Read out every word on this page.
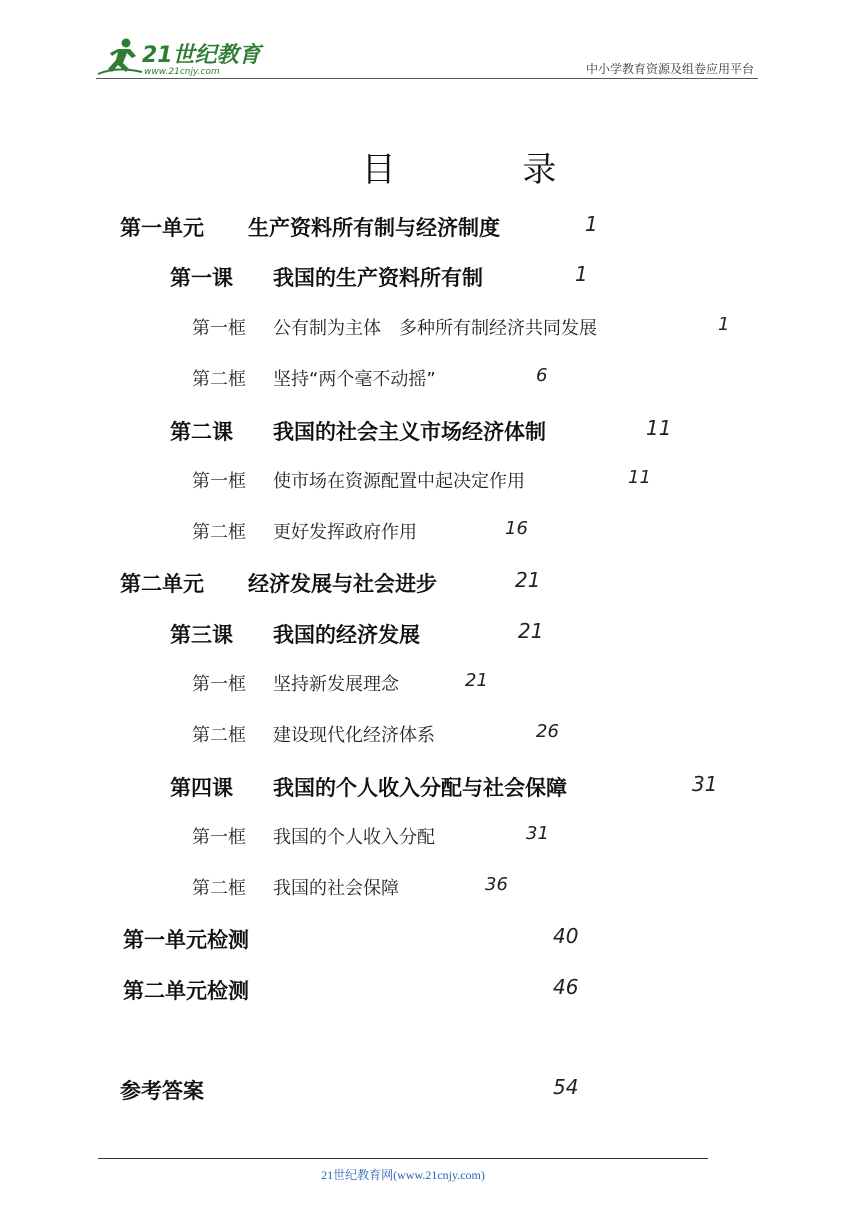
21世纪教育
www.21cnjy.com	中小学教育资源及组卷应用平台
目 录
第一单元 生产资料所有制与经济制度	1
第一课 我国的生产资料所有制	1
第一框 公有制为主体　多种所有制经济共同发展	1
第二框 坚持“两个毫不动摇”	6
第二课 我国的社会主义市场经济体制	11
第一框 使市场在资源配置中起决定作用	11
第二框 更好发挥政府作用	16
第二单元 经济发展与社会进步	21
第三课 我国的经济发展	21
第一框 坚持新发展理念	21
第二框 建设现代化经济体系	26
第四课 我国的个人收入分配与社会保障	31
第一框 我国的个人收入分配	31
第二框 我国的社会保障	36
第一单元检测	40
第二单元检测	46
参考答案	54
21世纪教育网(www.21cnjy.com)
